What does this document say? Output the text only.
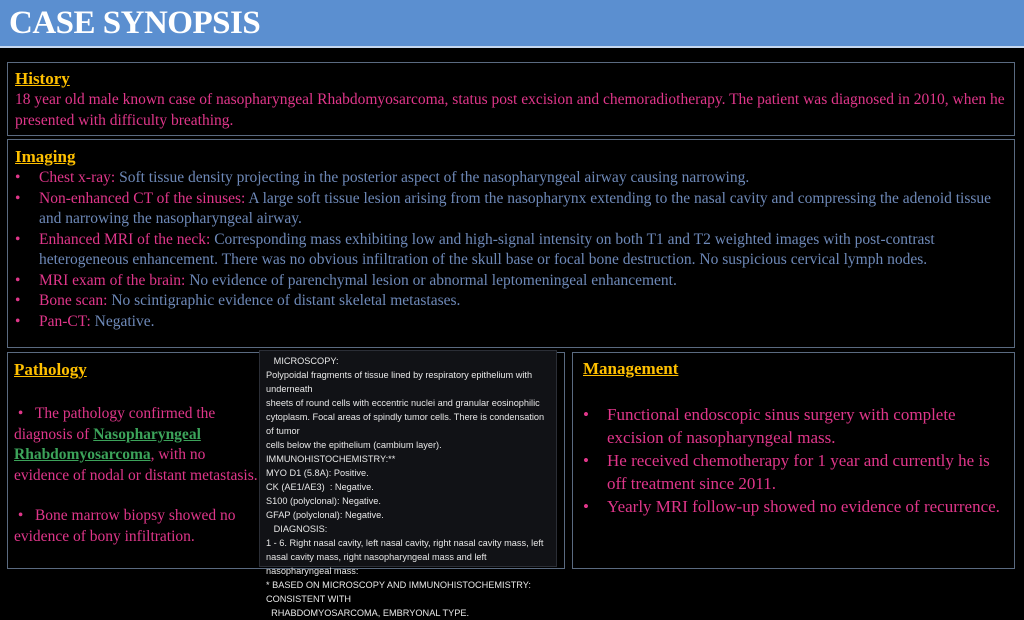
CASE SYNOPSIS
History
18 year old male known case of nasopharyngeal Rhabdomyosarcoma, status post excision and chemoradiotherapy. The patient was diagnosed in 2010, when he presented with difficulty breathing.
Imaging
• Chest x-ray: Soft tissue density projecting in the posterior aspect of the nasopharyngeal airway causing narrowing.
• Non-enhanced CT of the sinuses: A large soft tissue lesion arising from the nasopharynx extending to the nasal cavity and compressing the adenoid tissue and narrowing the nasopharyngeal airway.
• Enhanced MRI of the neck: Corresponding mass exhibiting low and high-signal intensity on both T1 and T2 weighted images with post-contrast heterogeneous enhancement. There was no obvious infiltration of the skull base or focal bone destruction. No suspicious cervical lymph nodes.
• MRI exam of the brain: No evidence of parenchymal lesion or abnormal leptomeningeal enhancement.
• Bone scan: No scintigraphic evidence of distant skeletal metastases.
• Pan-CT: Negative.
Pathology

•   The pathology confirmed the diagnosis of Nasopharyngeal Rhabdomyosarcoma, with no evidence of nodal or distant metastasis.

•   Bone marrow biopsy showed no evidence of bony infiltration.

MICROSCOPY:
Polypoidal fragments of tissue lined by respiratory epithelium with underneath
sheets of round cells with eccentric nuclei and granular eosinophilic
cytoplasm. Focal areas of spindly tumor cells. There is condensation of tumor
cells below the epithelium (cambium layer).
IMMUNOHISTOCHEMISTRY:**
MYO D1 (5.8A): Positive.
CK (AE1/AE3)  : Negative.
S100 (polyclonal): Negative.
GFAP (polyclonal): Negative.
DIAGNOSIS:
1 - 6. Right nasal cavity, left nasal cavity, right nasal cavity mass, left
nasal cavity mass, right nasopharyngeal mass and left nasopharyngeal mass:
* BASED ON MICROSCOPY AND IMMUNOHISTOCHEMISTRY: CONSISTENT WITH
RHABDOMYOSARCOMA, EMBRYONAL TYPE.
Management
• Functional endoscopic sinus surgery with complete excision of nasopharyngeal mass.
• He received chemotherapy for 1 year and currently he is off treatment since 2011.
• Yearly MRI follow-up showed no evidence of recurrence.
